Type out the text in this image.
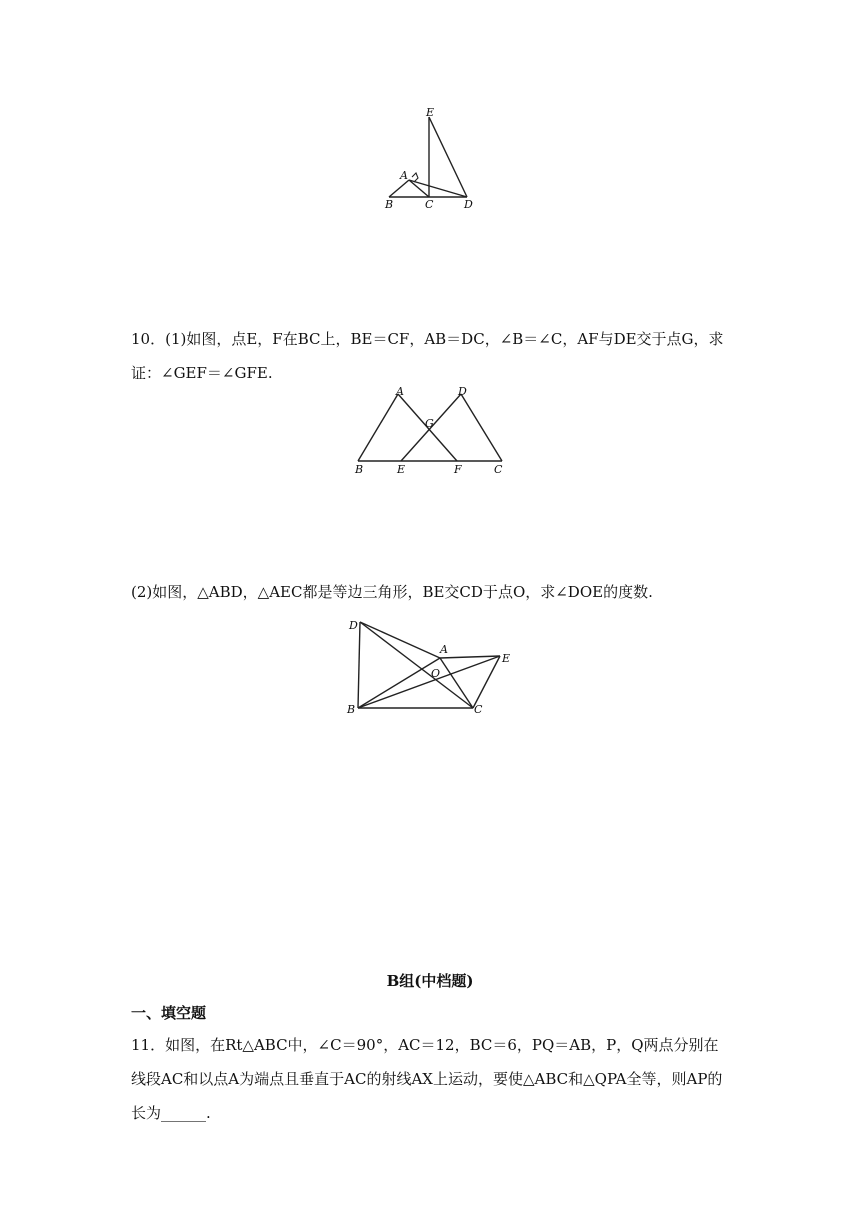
E
A
B	C	D

10．(1)如图，点E，F在BC上，BE＝CF，AB＝DC，∠B＝∠C，AF与DE交于点G，求证：∠GEF＝∠GFE.

A	D
G
B	E	F	C

(2)如图，△ABD，△AEC都是等边三角形，BE交CD于点O，求∠DOE的度数.

D
A
E
O
B	C

B组(中档题)

一、填空题

11．如图，在Rt△ABC中，∠C＝90°，AC＝12，BC＝6，PQ＝AB，P，Q两点分别在线段AC和以点A为端点且垂直于AC的射线AX上运动，要使△ABC和△QPA全等，则AP的长为______.
